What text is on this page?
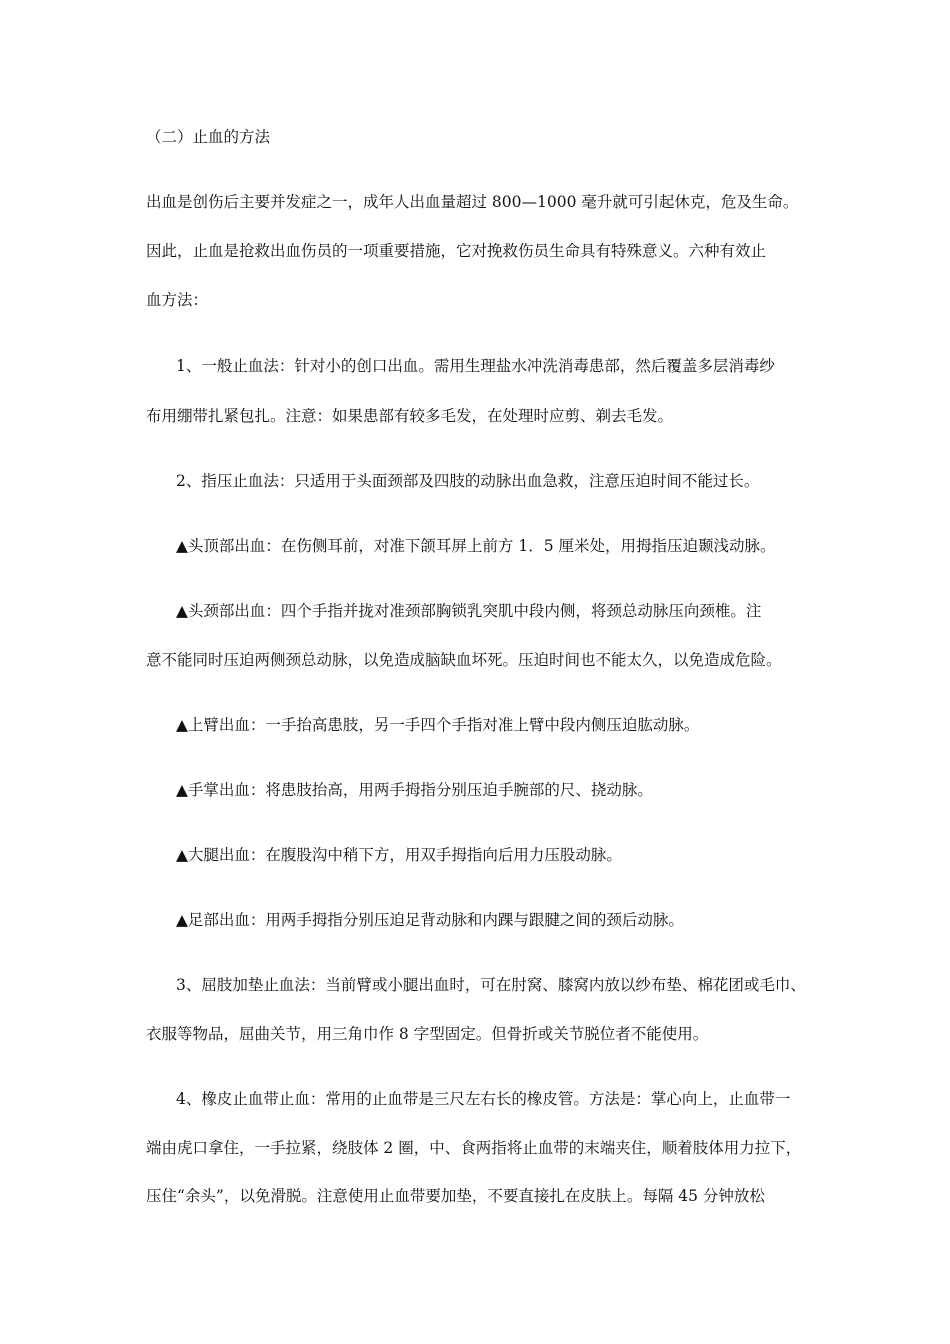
（二）止血的方法
出血是创伤后主要并发症之一，成年人出血量超过 800—1000 毫升就可引起休克，危及生命。
因此，止血是抢救出血伤员的一项重要措施，它对挽救伤员生命具有特殊意义。六种有效止
血方法：
1、一般止血法：针对小的创口出血。需用生理盐水冲洗消毒患部，然后覆盖多层消毒纱
布用绷带扎紧包扎。注意：如果患部有较多毛发，在处理时应剪、剃去毛发。
2、指压止血法：只适用于头面颈部及四肢的动脉出血急救，注意压迫时间不能过长。
▲头顶部出血：在伤侧耳前，对准下颌耳屏上前方 1．5 厘米处，用拇指压迫颞浅动脉。
▲头颈部出血：四个手指并拢对准颈部胸锁乳突肌中段内侧，将颈总动脉压向颈椎。注
意不能同时压迫两侧颈总动脉，以免造成脑缺血坏死。压迫时间也不能太久，以免造成危险。
▲上臂出血：一手抬高患肢，另一手四个手指对准上臂中段内侧压迫肱动脉。
▲手掌出血：将患肢抬高，用两手拇指分别压迫手腕部的尺、挠动脉。
▲大腿出血：在腹股沟中稍下方，用双手拇指向后用力压股动脉。
▲足部出血：用两手拇指分别压迫足背动脉和内踝与跟腱之间的颈后动脉。
3、屈肢加垫止血法：当前臂或小腿出血时，可在肘窝、膝窝内放以纱布垫、棉花团或毛巾、
衣服等物品，屈曲关节，用三角巾作 8 字型固定。但骨折或关节脱位者不能使用。
4、橡皮止血带止血：常用的止血带是三尺左右长的橡皮管。方法是：掌心向上，止血带一
端由虎口拿住，一手拉紧，绕肢体 2 圈，中、食两指将止血带的末端夹住，顺着肢体用力拉下，
压住“余头”，以免滑脱。注意使用止血带要加垫，不要直接扎在皮肤上。每隔 45 分钟放松
